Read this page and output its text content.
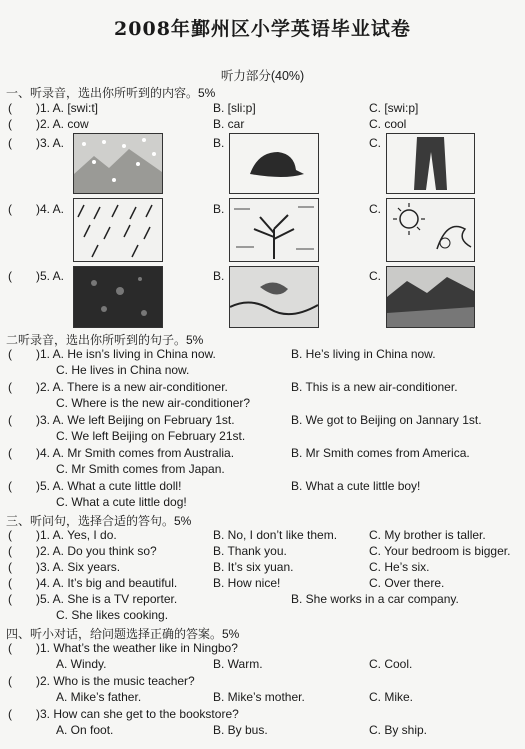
2008年鄞州区小学英语毕业试卷
听力部分(40%)
一、听录音，选出你所听到的内容。5%
( )1. A. [swi:t]	B. [sli:p]	C. [swi:p]
( )2. A. cow	B. car	C. cool
( )3. A.	B.	C.
( )4. A.	B.	C.
( )5. A.	B.	C.
二听录音，选出你所听到的句子。5%
( )1. A. He isn’s living in China now.	B. He’s living in China now.
C. He lives in China now.
( )2. A. There is a new air-conditioner.	B. This is a new air-conditioner.
C. Where is the new air-conditioner?
( )3. A. We left Beijing on February 1st.	B. We got to Beijing on Jannary 1st.
C. We left Beijing on February 21st.
( )4. A. Mr Smith comes from Australia.	B. Mr Smith comes from America.
C. Mr Smith comes from Japan.
( )5. A. What a cute little doll!	B. What a cute little boy!
C. What a cute little dog!
三、听问句，选择合适的答句。5%
( )1. A. Yes, I do.	B. No, I don’t like them.	C. My brother is taller.
( )2. A. Do you think so?	B. Thank you.	C. Your bedroom is bigger.
( )3. A. Six years.	B. It’s six yuan.	C. He’s six.
( )4. A. It’s big and beautiful.	B. How nice!	C. Over there.
( )5. A. She is a TV reporter.	B. She works in a car company.
C. She likes cooking.
四、听小对话，给问题选择正确的答案。5%
( )1. What’s the weather like in Ningbo?
A. Windy.	B. Warm.	C. Cool.
( )2. Who is the music teacher?
A. Mike’s father.	B. Mike’s mother.	C. Mike.
( )3. How can she get to the bookstore?
A. On foot.	B. By bus.	C. By ship.
